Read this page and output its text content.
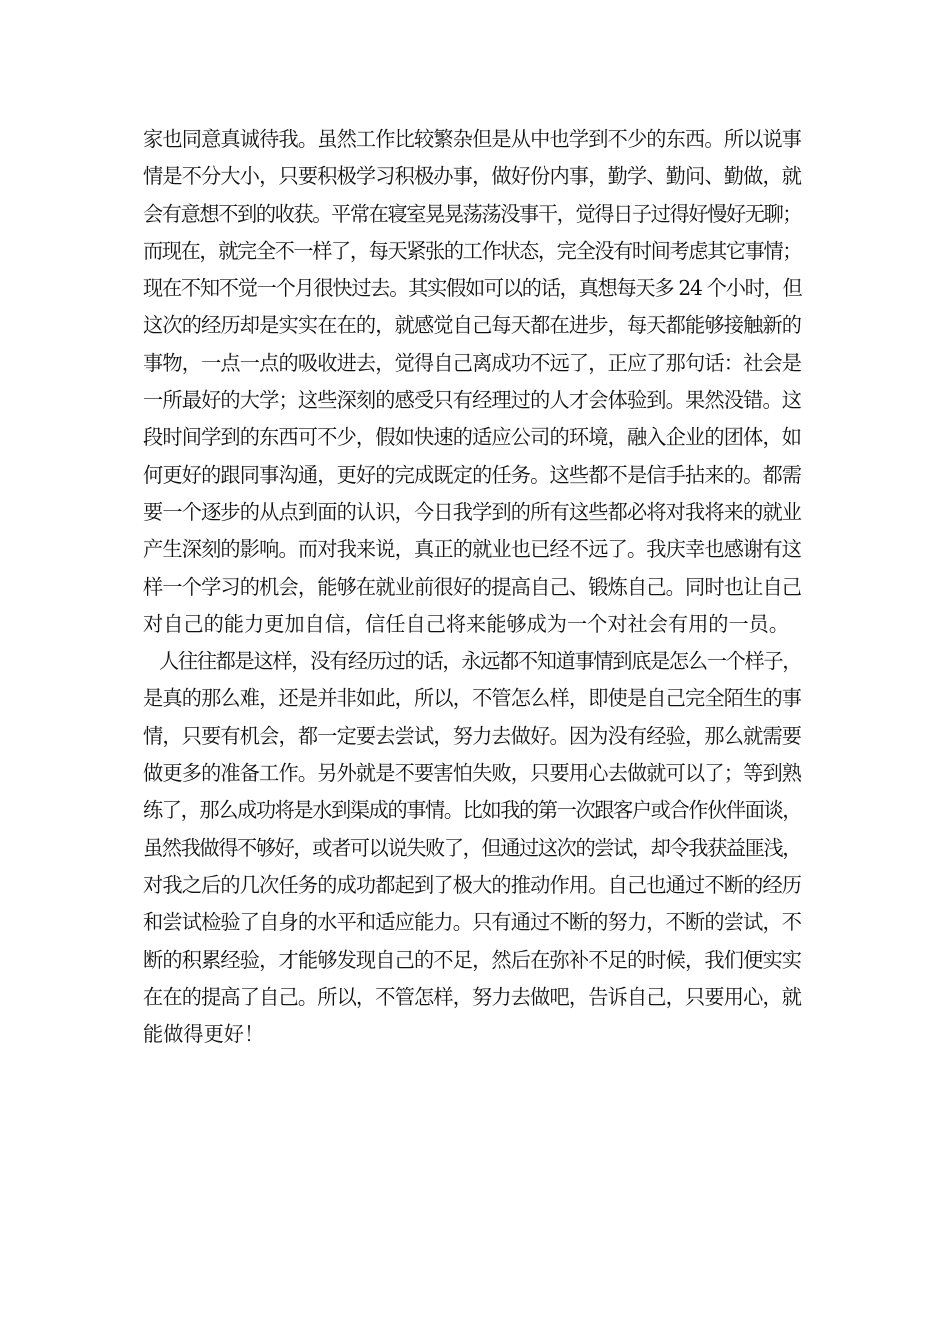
家也同意真诚待我。虽然工作比较繁杂但是从中也学到不少的东西。所以说事
情是不分大小，只要积极学习积极办事，做好份内事，勤学、勤问、勤做，就
会有意想不到的收获。平常在寝室晃晃荡荡没事干，觉得日子过得好慢好无聊；
而现在，就完全不一样了，每天紧张的工作状态，完全没有时间考虑其它事情；
现在不知不觉一个月很快过去。其实假如可以的话，真想每天多 24 个小时，但
这次的经历却是实实在在的，就感觉自己每天都在进步，每天都能够接触新的
事物，一点一点的吸收进去，觉得自己离成功不远了，正应了那句话：社会是
一所最好的大学；这些深刻的感受只有经理过的人才会体验到。果然没错。这
段时间学到的东西可不少，假如快速的适应公司的环境，融入企业的团体，如
何更好的跟同事沟通，更好的完成既定的任务。这些都不是信手拈来的。都需
要一个逐步的从点到面的认识，今日我学到的所有这些都必将对我将来的就业
产生深刻的影响。而对我来说，真正的就业也已经不远了。我庆幸也感谢有这
样一个学习的机会，能够在就业前很好的提高自己、锻炼自己。同时也让自己
对自己的能力更加自信，信任自己将来能够成为一个对社会有用的一员。
人往往都是这样，没有经历过的话，永远都不知道事情到底是怎么一个样子，
是真的那么难，还是并非如此，所以，不管怎么样，即使是自己完全陌生的事
情，只要有机会，都一定要去尝试，努力去做好。因为没有经验，那么就需要
做更多的准备工作。另外就是不要害怕失败，只要用心去做就可以了；等到熟
练了，那么成功将是水到渠成的事情。比如我的第一次跟客户或合作伙伴面谈，
虽然我做得不够好，或者可以说失败了，但通过这次的尝试，却令我获益匪浅，
对我之后的几次任务的成功都起到了极大的推动作用。自己也通过不断的经历
和尝试检验了自身的水平和适应能力。只有通过不断的努力，不断的尝试，不
断的积累经验，才能够发现自己的不足，然后在弥补不足的时候，我们便实实
在在的提高了自己。所以，不管怎样，努力去做吧，告诉自己，只要用心，就
能做得更好！
